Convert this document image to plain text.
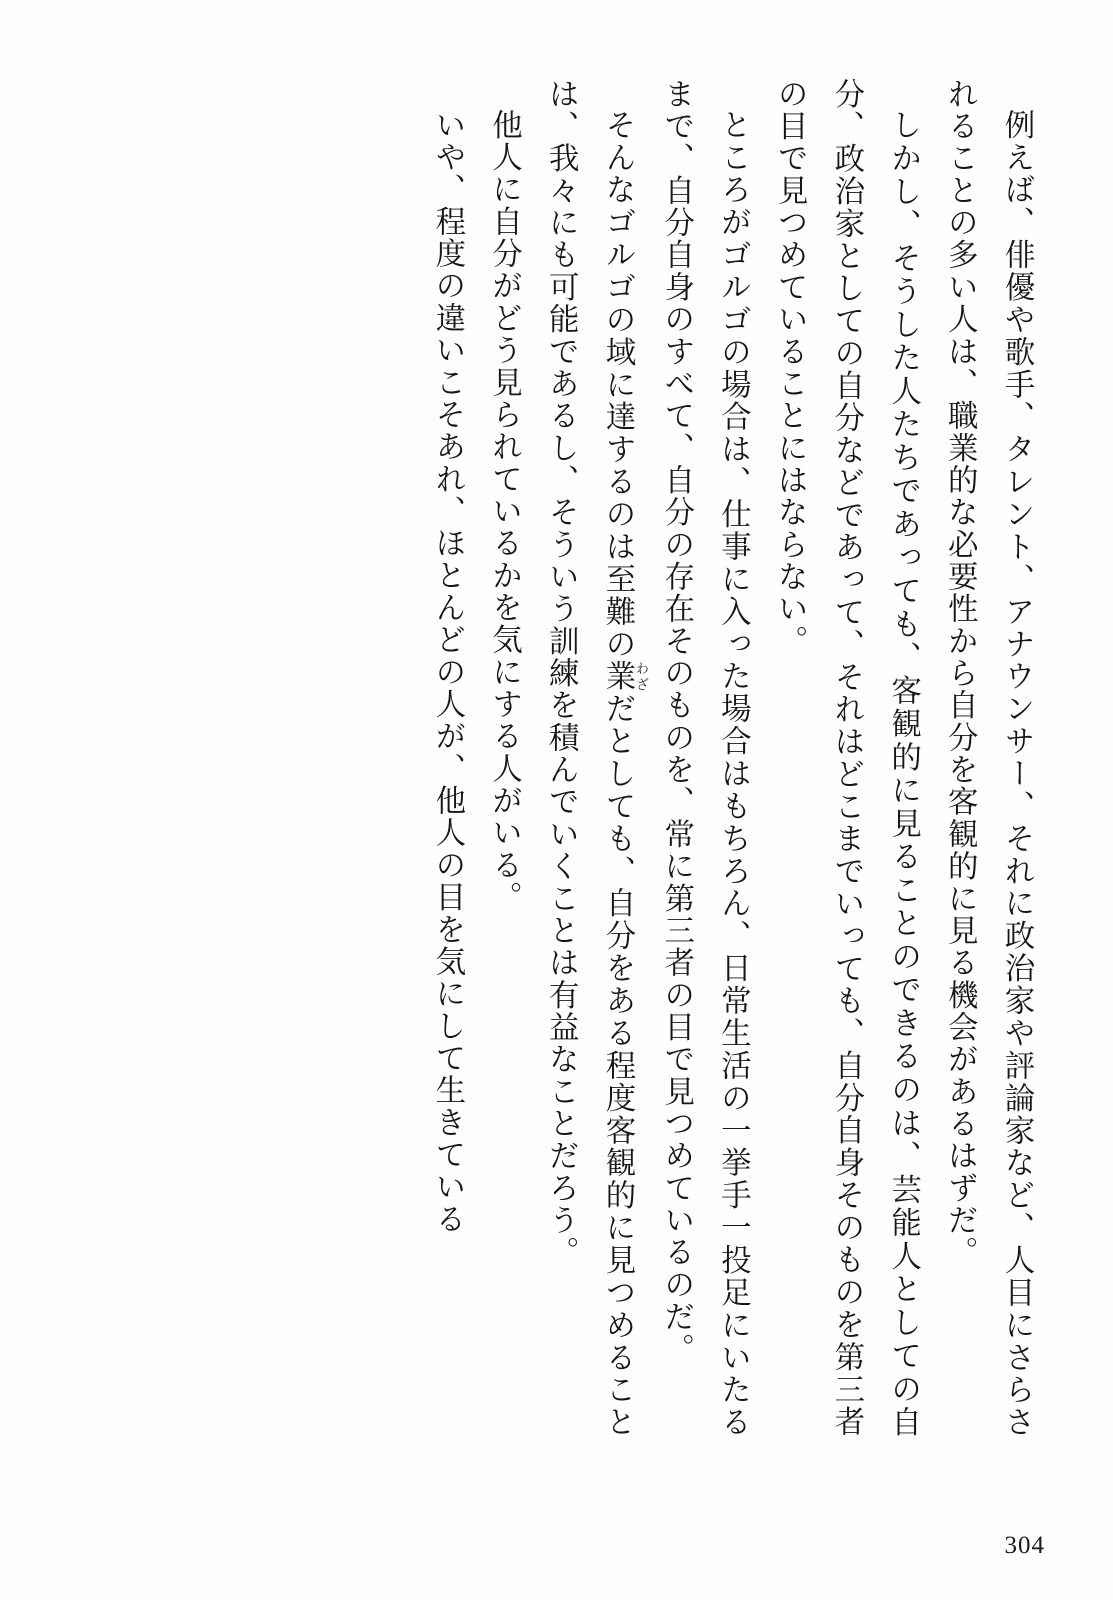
例えば、俳優や歌手、タレント、アナウンサー、それに政治家や評論家など、人目にさらされることの多い人は、職業的な必要性から自分を客観的に見る機会があるはずだ。

しかし、そうした人たちであっても、客観的に見ることのできるのは、芸能人としての自分、政治家としての自分などであって、それはどこまでいっても、自分自身そのものを第三者の目で見つめていることにはならない。

ところがゴルゴの場合は、仕事に入った場合はもちろん、日常生活の一挙手一投足にいたるまで、自分自身のすべて、自分の存在そのものを、常に第三者の目で見つめているのだ。

そんなゴルゴの域に達するのは至難の業 わざだとしても、自分をある程度客観的に見つめることは、我々にも可能であるし、そういう訓練を積んでいくことは有益なことだろう。

他人に自分がどう見られているかを気にする人がいる。

いや、程度の違いこそあれ、ほとんどの人が、他人の目を気にして生きている

304
